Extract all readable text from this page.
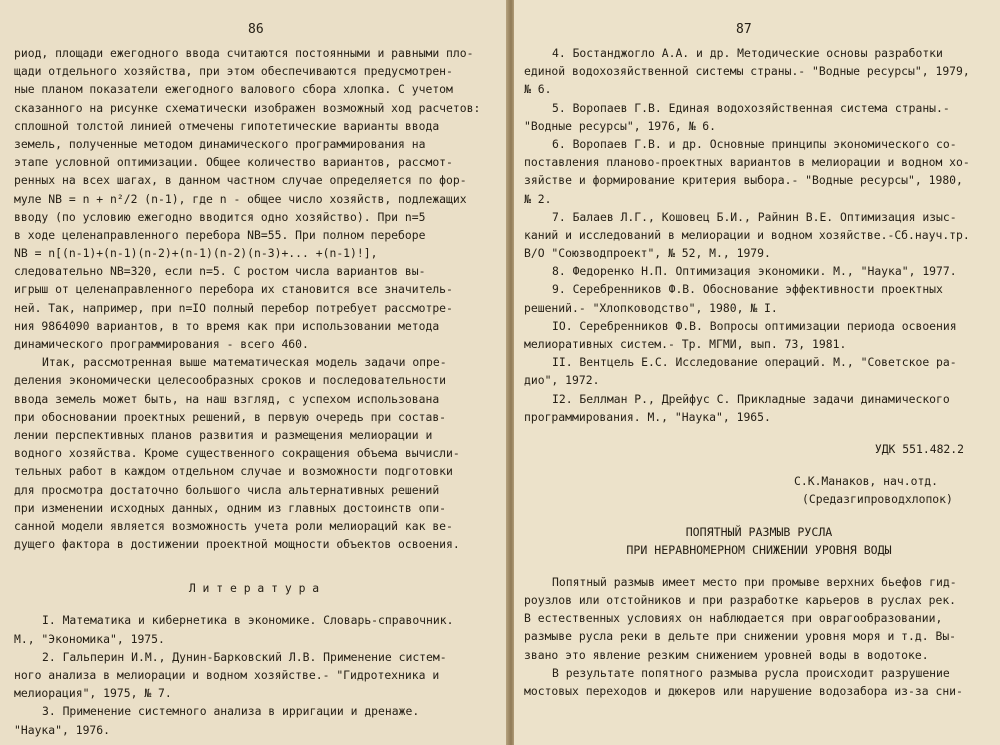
86
риод, площади ежегодного ввода считаются постоянными и равными пло-
щади отдельного хозяйства, при этом обеспечиваются предусмотрен-
ные планом показатели ежегодного валового сбора хлопка. С учетом
сказанного на рисунке схематически изображен возможный ход расчетов:
сплошной толстой линией отмечены гипотетические варианты ввода
земель, полученные методом динамического программирования на
этапе условной оптимизации. Общее количество вариантов, рассмот-
ренных на всех шагах, в данном частном случае определяется по фор-
муле NB = n + n²/2 (n-1), где n - общее число хозяйств, подлежащих
вводу (по условию ежегодно вводится одно хозяйство). При n=5
в ходе целенаправленного перебора NB=55. При полном переборе
NB = n[(n-1)+(n-1)(n-2)+(n-1)(n-2)(n-3)+... +(n-1)!],
следовательно NB=320, если n=5. С ростом числа вариантов вы-
игрыш от целенаправленного перебора их становится все значитель-
ней. Так, например, при n=IO полный перебор потребует рассмотре-
ния 9864090 вариантов, в то время как при использовании метода
динамического программирования - всего 460.
Итак, рассмотренная выше математическая модель задачи опре-
деления экономически целесообразных сроков и последовательности
ввода земель может быть, на наш взгляд, с успехом использована
при обосновании проектных решений, в первую очередь при состав-
лении перспективных планов развития и размещения мелиорации и
водного хозяйства. Кроме существенного сокращения объема вычисли-
тельных работ в каждом отдельном случае и возможности подготовки
для просмотра достаточно большого числа альтернативных решений
при изменении исходных данных, одним из главных достоинств опи-
санной модели является возможность учета роли мелиораций как ве-
дущего фактора в достижении проектной мощности объектов освоения.
Л и т е р а т у р а
I. Математика и кибернетика в экономике. Словарь-справочник.
М., "Экономика", 1975.
2. Гальперин И.М., Дунин-Барковский Л.В. Применение систем-
ного анализа в мелиорации и водном хозяйстве.- "Гидротехника и
мелиорация", 1975, № 7.
3. Применение системного анализа в ирригации и дренаже.
"Наука", 1976.
87
4. Бостанджогло А.А. и др. Методические основы разработки
единой водохозяйственной системы страны.- "Водные ресурсы", 1979,
№ 6.
5. Воропаев Г.В. Единая водохозяйственная система страны.-
"Водные ресурсы", 1976, № 6.
6. Воропаев Г.В. и др. Основные принципы экономического со-
поставления планово-проектных вариантов в мелиорации и водном хо-
зяйстве и формирование критерия выбора.- "Водные ресурсы", 1980,
№ 2.
7. Балаев Л.Г., Кошовец Б.И., Райнин В.Е. Оптимизация изыс-
каний и исследований в мелиорации и водном хозяйстве.-Сб.науч.тр.
В/О "Союзводпроект", № 52, М., 1979.
8. Федоренко Н.П. Оптимизация экономики. М., "Наука", 1977.
9. Серебренников Ф.В. Обоснование эффективности проектных
решений.- "Хлопководство", 1980, № I.
IO. Серебренников Ф.В. Вопросы оптимизации периода освоения
мелиоративных систем.- Тр. МГМИ, вып. 73, 1981.
II. Вентцель Е.С. Исследование операций. М., "Советское ра-
дио", 1972.
I2. Беллман Р., Дрейфус С. Прикладные задачи динамического
программирования. М., "Наука", 1965.
УДК 551.482.2
С.К.Манаков, нач.отд.
(Средазгипроводхлопок)
ПОПЯТНЫЙ РАЗМЫВ РУСЛА
ПРИ НЕРАВНОМЕРНОМ СНИЖЕНИИ УРОВНЯ ВОДЫ
Попятный размыв имеет место при промыве верхних бьефов гид-
роузлов или отстойников и при разработке карьеров в руслах рек.
В естественных условиях он наблюдается при оврагообразовании,
размыве русла реки в дельте при снижении уровня моря и т.д. Вы-
звано это явление резким снижением уровней воды в водотоке.
В результате попятного размыва русла происходит разрушение
мостовых переходов и дюкеров или нарушение водозабора из-за сни-
